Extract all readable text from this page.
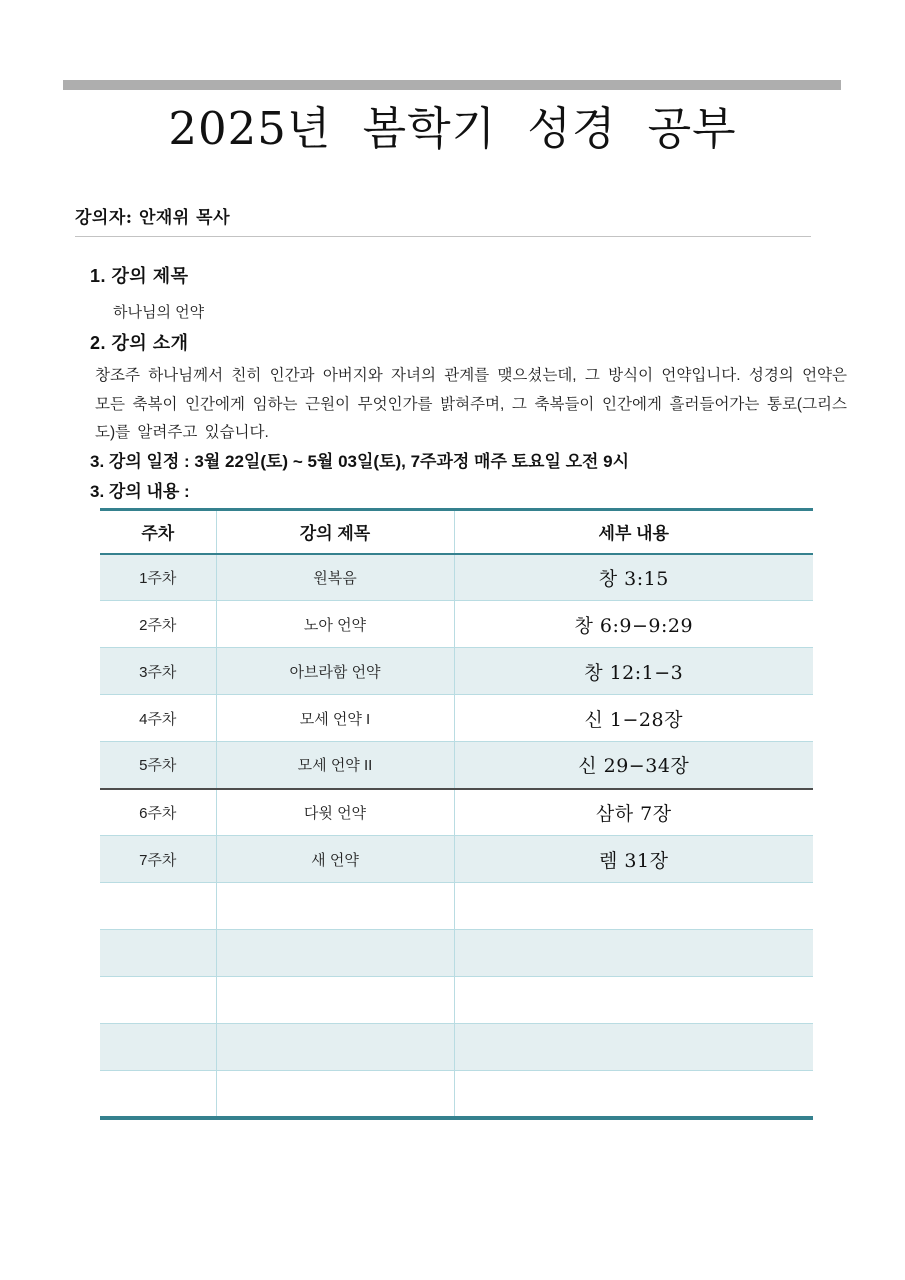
2025년 봄학기 성경 공부
강의자: 안재위 목사
1. 강의 제목
하나님의 언약
2. 강의 소개
창조주 하나님께서 친히 인간과 아버지와 자녀의 관계를 맺으셨는데, 그 방식이 언약입니다. 성경의 언약은 모든 축복이 인간에게 임하는 근원이 무엇인가를 밝혀주며, 그 축복들이 인간에게 흘러들어가는 통로(그리스도)를 알려주고 있습니다.
3. 강의 일정 : 3월 22일(토) ~ 5월 03일(토), 7주과정 매주 토요일 오전 9시
3. 강의 내용 :
주차	강의 제목	세부 내용
1주차	원복음	창 3:15
2주차	노아 언약	창 6:9−9:29
3주차	아브라함 언약	창 12:1−3
4주차	모세 언약 I	신 1−28장
5주차	모세 언약 II	신 29−34장
6주차	다윗 언약	삼하 7장
7주차	새 언약	렘 31장
